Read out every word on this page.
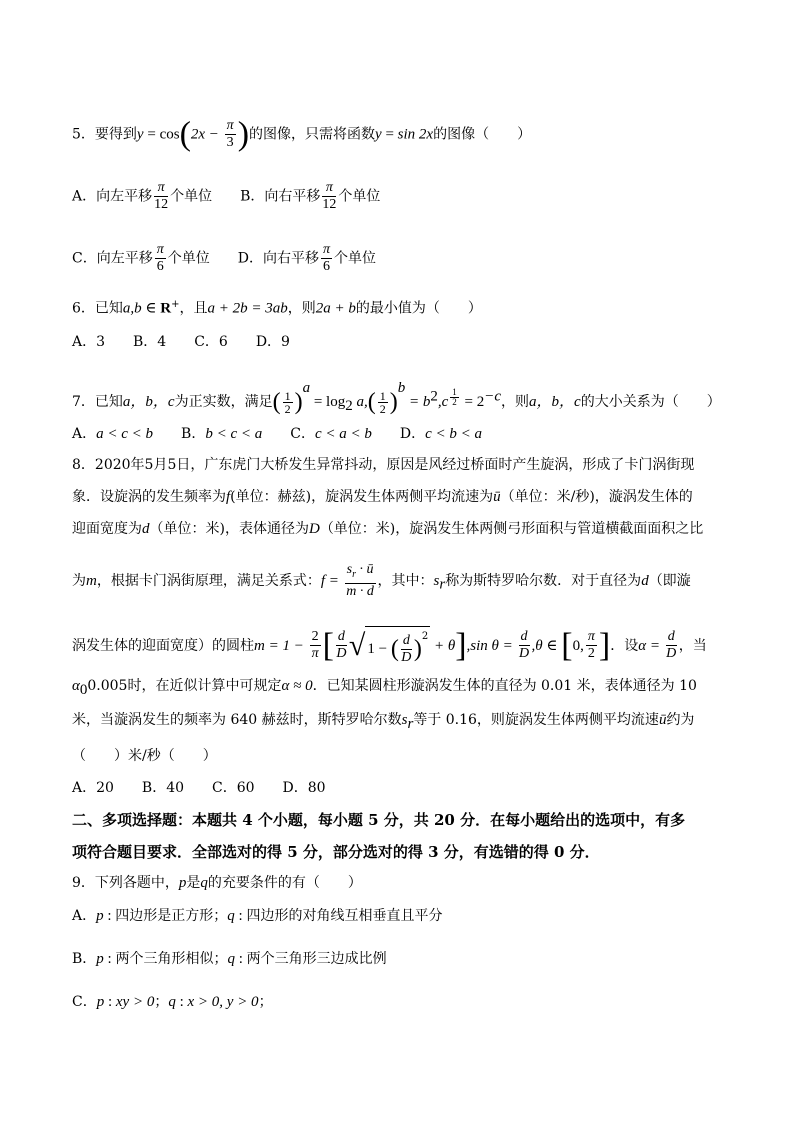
5．要得到$y = \cos(2x - \frac{\pi}{3}$ )的图像，只需将函数y = sin 2x的图像（　　）
A．向左平移 $\frac{\pi}{12}$ 个单位 B．向右平移 $\frac{\pi}{12}$ 个单位
C．向左平移 $\frac{\pi}{6}$ 个单位 D．向右平移 $\frac{\pi}{6}$ 个单位
6．已知a,b ∈ R+，且a + 2b = 3ab，则2a + b的最小值为（　　）
A．3　　B．4　　C．6　　D．9
7．已知a，b，c为正实数，满足( $\frac{1}{2} )^a = \log_2 a,( \frac{1}{2} )^b = b^2,c$ $^{\frac{1}{2}} = 2^{-c}$，则a，b，c的大小关系为（　　）
A．a < c < b B．b < c < a C．c < a < b D．c < b < a
8．2020年5月5日，广东虎门大桥发生异常抖动，原因是风经过桥面时产生旋涡，形成了卡门涡街现
象．设旋涡的发生频率为f(单位：赫兹)，旋涡发生体两侧平均流速为ū（单位：米/秒)，漩涡发生体的
迎面宽度为d（单位：米)，表体通径为D（单位：米)，旋涡发生体两侧弓形面积与管道横截面面积之比
为m，根据卡门涡街原理，满足关系式：$f = \frac{s_r \cdot ū}{m \cdot d}$ ，其中：$s_r$称为斯特罗哈尔数．对于直径为d（即漩
涡发生体的迎面宽度）的圆柱$m = 1 - \frac{2}{\pi}$ [ $\frac{d}{D}$ √ 1 − ( $\frac{d}{D} )^2 + \theta],\sin$ $\theta = \frac{d}{D} ,\theta$ ∈ [0, $\frac{\pi}{2}$ ]．设$\alpha = \frac{d}{D}$ ，当
$\alpha_00.005$时，在近似计算中可规定α ≈ 0．已知某圆柱形漩涡发生体的直径为 0.01 米，表体通径为 10
米，当漩涡发生的频率为 640 赫兹时，斯特罗哈尔数$s_r$等于 0.16，则旋涡发生体两侧平均流速ū约为
（　　）米/秒（　　）
A．20　　B．40　　C．60　　D．80
二、多项选择题：本题共 4 个小题，每小题 5 分，共 20 分．在每小题给出的选项中，有多
项符合题目要求．全部选对的得 5 分，部分选对的得 3 分，有选错的得 0 分．
9．下列各题中，p是q的充要条件的有（　　）
A．p : 四边形是正方形；q : 四边形的对角线互相垂直且平分
B．p : 两个三角形相似；q : 两个三角形三边成比例
C．p : xy > 0；q : x > 0, y > 0；
